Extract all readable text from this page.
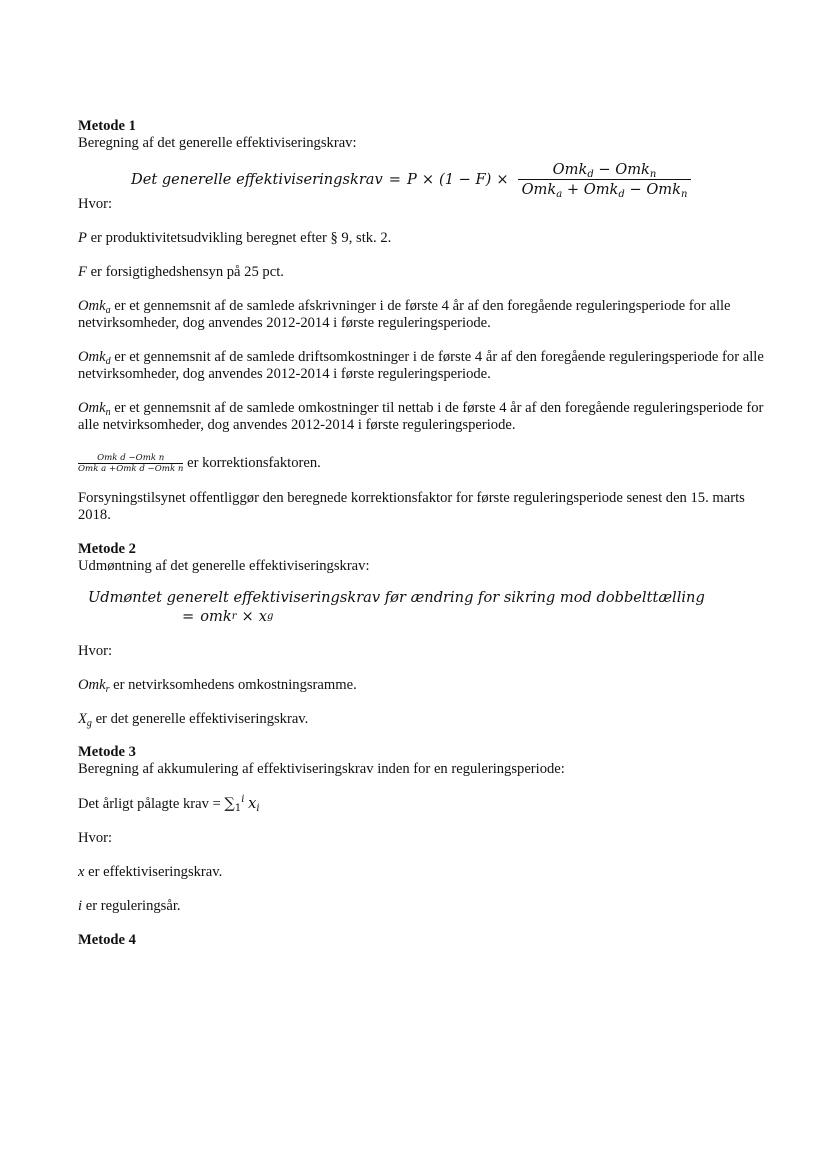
Metode 1

Beregning af det generelle effektiviseringskrav:

Det generelle effektiviseringskrav = $P \times (1 - F) \times \frac{Omk_d - Omk_n}{Omk_a + Omk_d - Omk_n}$

Hvor:

P er produktivitetsudvikling beregnet efter § 9, stk. 2.

F er forsigtighedshensyn på 25 pct.

Omk$_a$ er et gennemsnit af de samlede afskrivninger i de første 4 år af den foregående reguleringsperiode for alle netvirksomheder, dog anvendes 2012-2014 i første reguleringsperiode.

Omk$_d$ er et gennemsnit af de samlede driftsomkostninger i de første 4 år af den foregående reguleringsperiode for alle netvirksomheder, dog anvendes 2012-2014 i første reguleringsperiode.

Omk$_n$ er et gennemsnit af de samlede omkostninger til nettab i de første 4 år af den foregående reguleringsperiode for alle netvirksomheder, dog anvendes 2012-2014 i første reguleringsperiode.

$\frac{\text{Omk d −Omk n}}{\text{Omk a +Omk d −Omk n}}$ er korrektionsfaktoren.

Forsyningstilsynet offentliggør den beregnede korrektionsfaktor for første reguleringsperiode senest den 15. marts 2018.

Metode 2

Udmøntning af det generelle effektiviseringskrav:

Udmøntet generelt effektiviseringskrav før ændring for sikring mod dobbelttælling
= omk r × x g

Hvor:

Omk$_r$ er netvirksomhedens omkostningsramme.

$X_g$ er det generelle effektiviseringskrav.

Metode 3

Beregning af akkumulering af effektiviseringskrav inden for en reguleringsperiode:

Det årligt pålagte krav = $\sum_1^i$ $x_i$

Hvor:

x er effektiviseringskrav.

i er reguleringsår.

Metode 4
